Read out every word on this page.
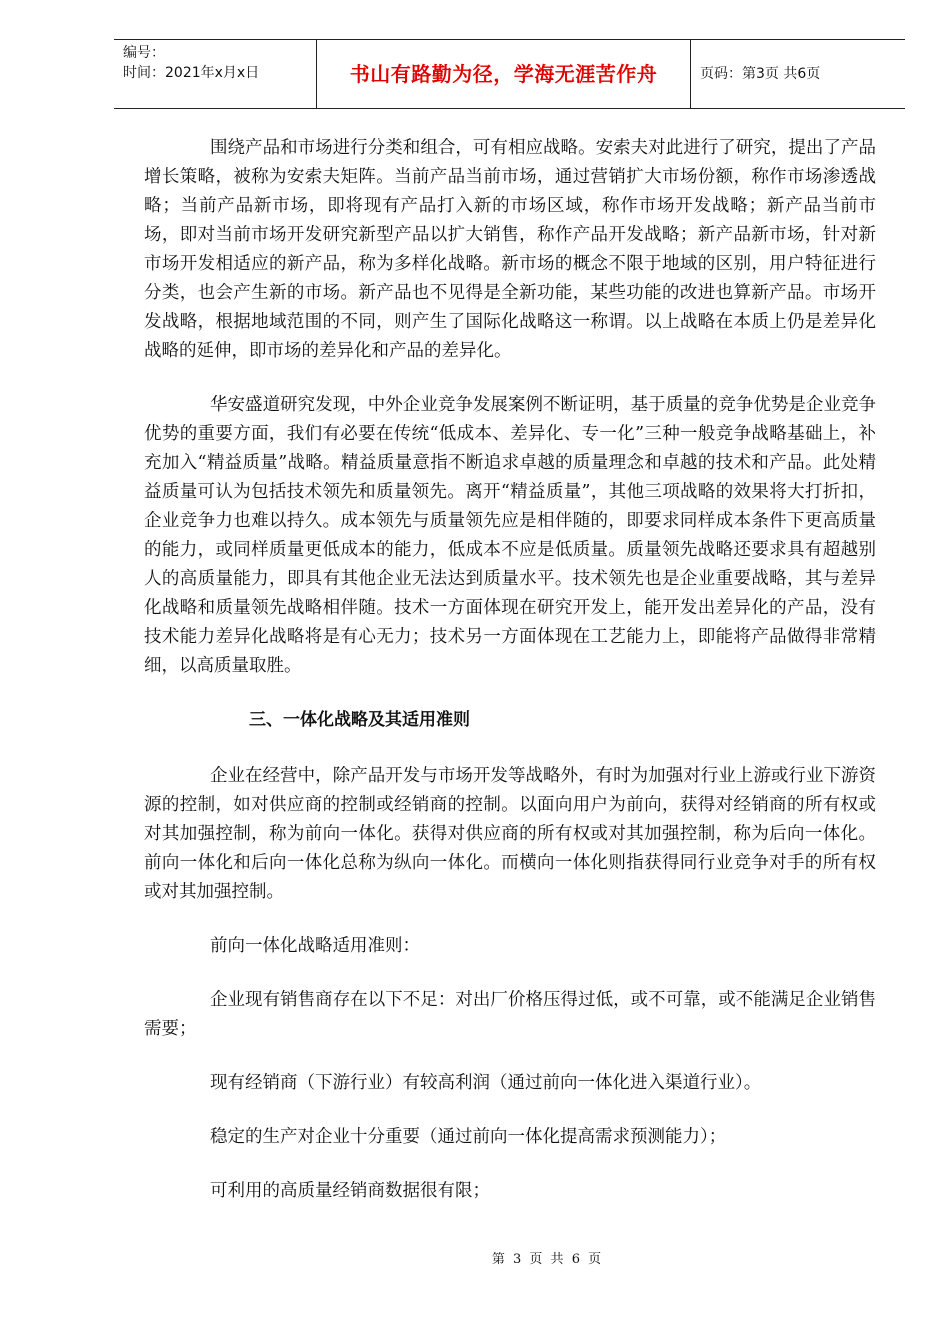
编号：
时间：2021年x月x日	书山有路勤为径，学海无涯苦作舟	页码：第3页 共6页

围绕产品和市场进行分类和组合，可有相应战略。安索夫对此进行了研究，提出了产品增长策略，被称为安索夫矩阵。当前产品当前市场，通过营销扩大市场份额，称作市场渗透战略；当前产品新市场，即将现有产品打入新的市场区域，称作市场开发战略；新产品当前市场，即对当前市场开发研究新型产品以扩大销售，称作产品开发战略；新产品新市场，针对新市场开发相适应的新产品，称为多样化战略。新市场的概念不限于地域的区别，用户特征进行分类，也会产生新的市场。新产品也不见得是全新功能，某些功能的改进也算新产品。市场开发战略，根据地域范围的不同，则产生了国际化战略这一称谓。以上战略在本质上仍是差异化战略的延伸，即市场的差异化和产品的差异化。

华安盛道研究发现，中外企业竞争发展案例不断证明，基于质量的竞争优势是企业竞争优势的重要方面，我们有必要在传统“低成本、差异化、专一化”三种一般竞争战略基础上，补充加入“精益质量”战略。精益质量意指不断追求卓越的质量理念和卓越的技术和产品。此处精益质量可认为包括技术领先和质量领先。离开“精益质量”，其他三项战略的效果将大打折扣，企业竞争力也难以持久。成本领先与质量领先应是相伴随的，即要求同样成本条件下更高质量的能力，或同样质量更低成本的能力，低成本不应是低质量。质量领先战略还要求具有超越别人的高质量能力，即具有其他企业无法达到质量水平。技术领先也是企业重要战略，其与差异化战略和质量领先战略相伴随。技术一方面体现在研究开发上，能开发出差异化的产品，没有技术能力差异化战略将是有心无力；技术另一方面体现在工艺能力上，即能将产品做得非常精细，以高质量取胜。

三、一体化战略及其适用准则

企业在经营中，除产品开发与市场开发等战略外，有时为加强对行业上游或行业下游资源的控制，如对供应商的控制或经销商的控制。以面向用户为前向，获得对经销商的所有权或对其加强控制，称为前向一体化。获得对供应商的所有权或对其加强控制，称为后向一体化。前向一体化和后向一体化总称为纵向一体化。而横向一体化则指获得同行业竞争对手的所有权或对其加强控制。

前向一体化战略适用准则：

企业现有销售商存在以下不足：对出厂价格压得过低，或不可靠，或不能满足企业销售需要；

现有经销商（下游行业）有较高利润（通过前向一体化进入渠道行业）。

稳定的生产对企业十分重要（通过前向一体化提高需求预测能力）；

可利用的高质量经销商数据很有限；

第 3 页 共 6 页
